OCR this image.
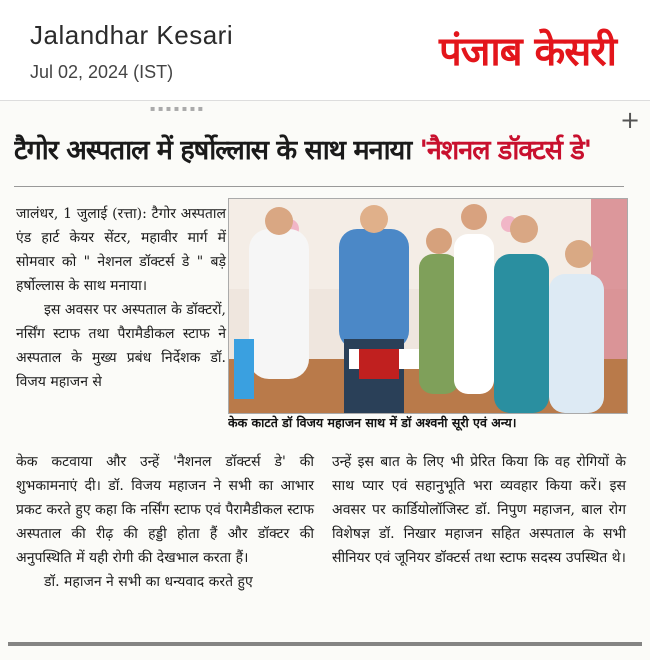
Jalandhar Kesari
Jul 02, 2024 (IST)	पंजाब केसरी
▪ ▪ ▪ ▪ ▪ ▪ ▪	+
टैगोर अस्पताल में हर्षोल्लास के साथ मनाया 'नैशनल डॉक्टर्स डे'

जालंधर, 1 जुलाई (रत्ता): टैगोर अस्पताल एंड हार्ट केयर सेंटर, महावीर मार्ग में सोमवार को " नेशनल डॉक्टर्स डे " बड़े हर्षोल्लास के साथ मनाया।

इस अवसर पर अस्पताल के डॉक्टरों, नर्सिंग स्टाफ तथा पैरामैडीकल स्टाफ ने अस्पताल के मुख्य प्रबंध निर्देशक डॉ. विजय महाजन से

केक काटते डॉ विजय महाजन साथ में डॉ अश्वनी सूरी एवं अन्य।

केक कटवाया और उन्हें 'नैशनल डॉक्टर्स डे' की शुभकामनाएं दी। डॉ. विजय महाजन ने सभी का आभार प्रकट करते हुए कहा कि नर्सिंग स्टाफ एवं पैरामैडीकल स्टाफ अस्पताल की रीढ़ की हड्डी होता हैं और डॉक्टर की अनुपस्थिति में यही रोगी की देखभाल करता हैं।

डॉ. महाजन ने सभी का धन्यवाद करते हुए

उन्हें इस बात के लिए भी प्रेरित किया कि वह रोगियों के साथ प्यार एवं सहानुभूति भरा व्यवहार किया करें। इस अवसर पर कार्डियोलॉजिस्ट डॉ. निपुण महाजन, बाल रोग विशेषज्ञ डॉ. निखार महाजन सहित अस्पताल के सभी सीनियर एवं जूनियर डॉक्टर्स तथा स्टाफ सदस्य उपस्थित थे।
